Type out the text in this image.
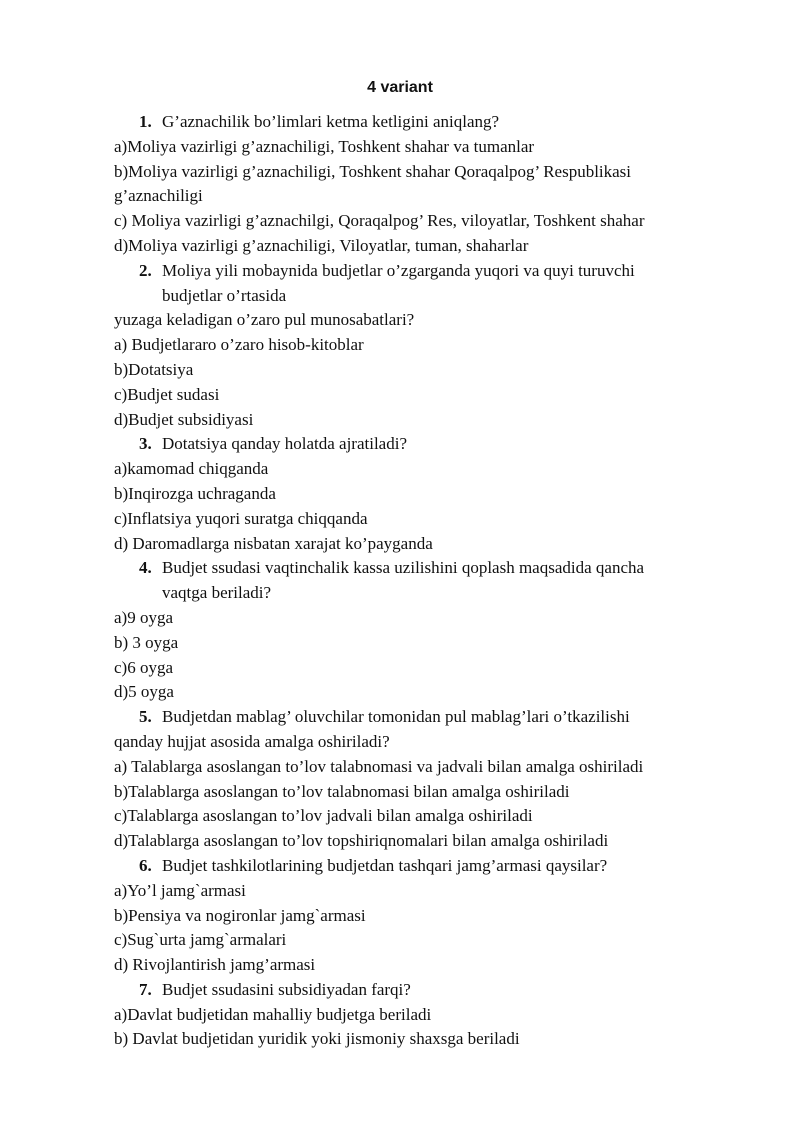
4 variant
1. G’aznachilik bo’limlari ketma ketligini aniqlang?
a)Moliya vazirligi g’aznachiligi, Toshkent shahar va tumanlar
b)Moliya vazirligi g’aznachiligi, Toshkent shahar Qoraqalpog’ Respublikasi
g’aznachiligi
c) Moliya vazirligi g’aznachilgi, Qoraqalpog’ Res, viloyatlar, Toshkent shahar
d)Moliya vazirligi g’aznachiligi, Viloyatlar, tuman, shaharlar
2. Moliya yili mobaynida budjetlar o’zgarganda yuqori va quyi turuvchi
budjetlar o’rtasida
yuzaga keladigan o’zaro pul munosabatlari?
a) Budjetlararo o’zaro hisob-kitoblar
b)Dotatsiya
c)Budjet sudasi
d)Budjet subsidiyasi
3. Dotatsiya qanday holatda ajratiladi?
a)kamomad chiqganda
b)Inqirozga uchraganda
c)Inflatsiya yuqori suratga chiqqanda
d) Daromadlarga nisbatan xarajat ko’payganda
4. Budjet ssudasi vaqtinchalik kassa uzilishini qoplash maqsadida qancha
vaqtga beriladi?
a)9 oyga
b) 3 oyga
c)6 oyga
d)5 oyga
5. Budjetdan mablag’ oluvchilar tomonidan pul mablag’lari o’tkazilishi
qanday hujjat asosida amalga oshiriladi?
a) Talablarga asoslangan to’lov talabnomasi va jadvali bilan amalga oshiriladi
b)Talablarga asoslangan to’lov talabnomasi bilan amalga oshiriladi
c)Talablarga asoslangan to’lov jadvali bilan amalga oshiriladi
d)Talablarga asoslangan to’lov topshiriqnomalari bilan amalga oshiriladi
6. Budjet tashkilotlarining budjetdan tashqari jamg’armasi qaysilar?
a)Yo’l jamg`armasi
b)Pensiya va nogironlar jamg`armasi
c)Sug`urta jamg`armalari
d) Rivojlantirish jamg’armasi
7. Budjet ssudasini subsidiyadan farqi?
a)Davlat budjetidan mahalliy budjetga beriladi
b) Davlat budjetidan yuridik yoki jismoniy shaxsga beriladi
